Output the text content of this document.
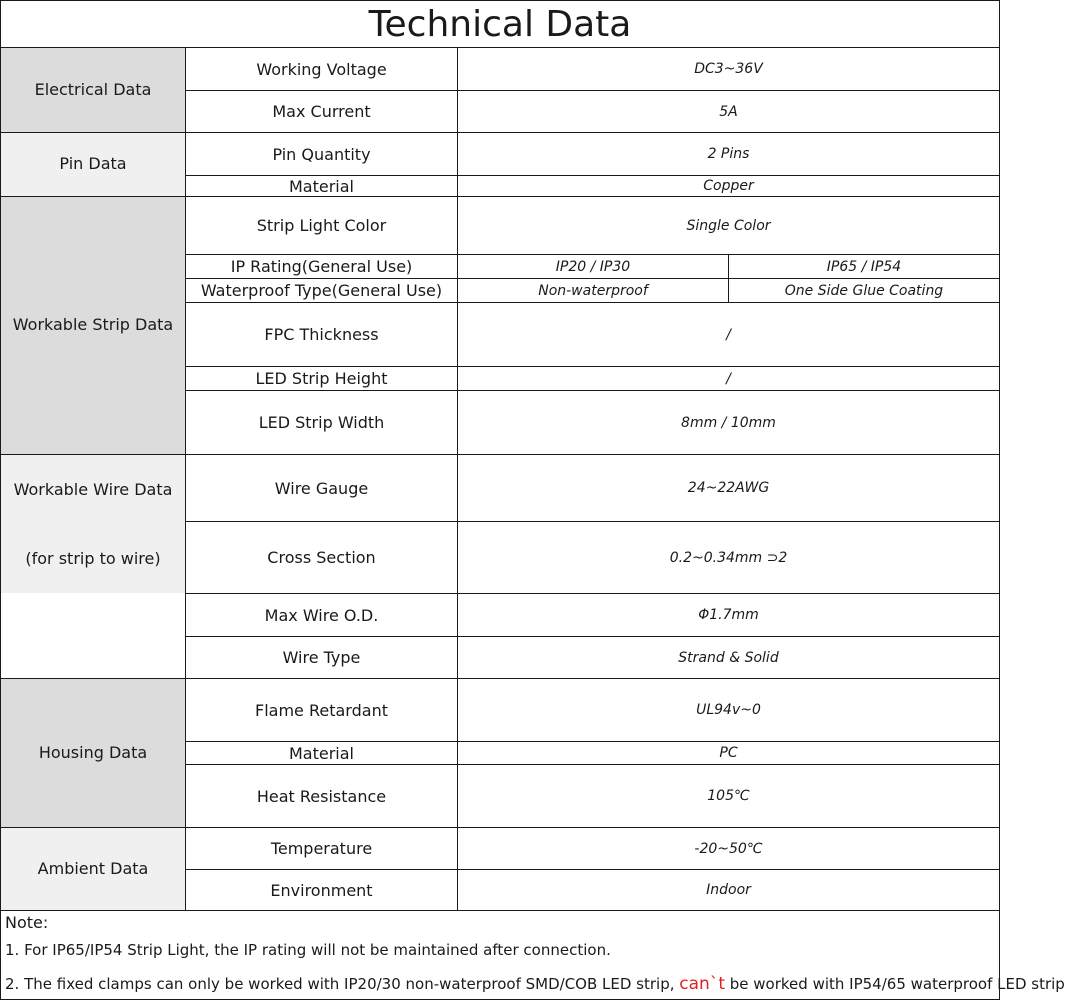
Technical Data
Electrical Data
Pin Data
Workable Strip Data
Workable Wire Data
(for strip to wire)
Housing Data
Ambient Data
Working Voltage
Max Current
Pin Quantity
Material
Strip Light Color
IP Rating(General Use)
Waterproof Type(General Use)
FPC Thickness
LED Strip Height
LED Strip Width
Wire Gauge
Cross Section
Max Wire O.D.
Wire Type
Flame Retardant
Material
Heat Resistance
Temperature
Environment
DC3~36V
5A
2 Pins
Copper
Single Color
IP20 / IP30	IP65 / IP54
Non-waterproof	One Side Glue Coating
/
/
8mm / 10mm
24~22AWG
0.2~0.34mm ⊃2
Φ1.7mm
Strand & Solid
UL94v~0
PC
105℃
-20~50℃
Indoor
Note:
1. For IP65/IP54 Strip Light, the IP rating will not be maintained after connection.
2. The fixed clamps can only be worked with IP20/30 non-waterproof SMD/COB LED strip, can`t be worked with IP54/65 waterproof LED strip
